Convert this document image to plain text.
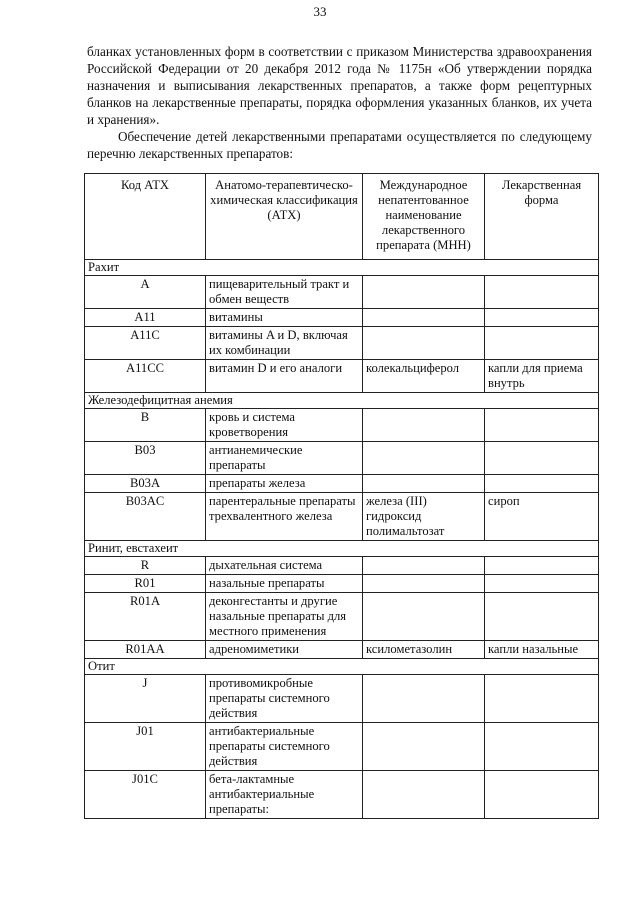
33

бланках установленных форм в соответствии с приказом Министерства здравоохранения Российской Федерации от 20 декабря 2012 года № 1175н «Об утверждении порядка назначения и выписывания лекарственных препаратов, а также форм рецептурных бланков на лекарственные препараты, порядка оформления указанных бланков, их учета и хранения».

Обеспечение детей лекарственными препаратами осуществляется по следующему перечню лекарственных препаратов:

Код АТХ	Анатомо-терапевтическо-химическая классификация (АТХ)	Международное непатентованное наименование лекарственного препарата (МНН)	Лекарственная форма
Рахит			
A	пищеварительный тракт и обмен веществ		
A11	витамины		
A11C	витамины A и D, включая их комбинации		
A11CC	витамин D и его аналоги	колекальциферол	капли для приема внутрь
Железодефицитная анемия			
B	кровь и система кроветворения		
B03	антианемические препараты		
B03A	препараты железа		
B03AC	парентеральные препараты трехвалентного железа	железа (III) гидроксид полимальтозат	сироп
Ринит, евстахеит			
R	дыхательная система		
R01	назальные препараты		
R01A	деконгестанты и другие назальные препараты для местного применения		
R01AA	адреномиметики	ксилометазолин	капли назальные
Отит			
J	противомикробные препараты системного действия		
J01	антибактериальные препараты системного действия		
J01C	бета-лактамные антибактериальные препараты:		
